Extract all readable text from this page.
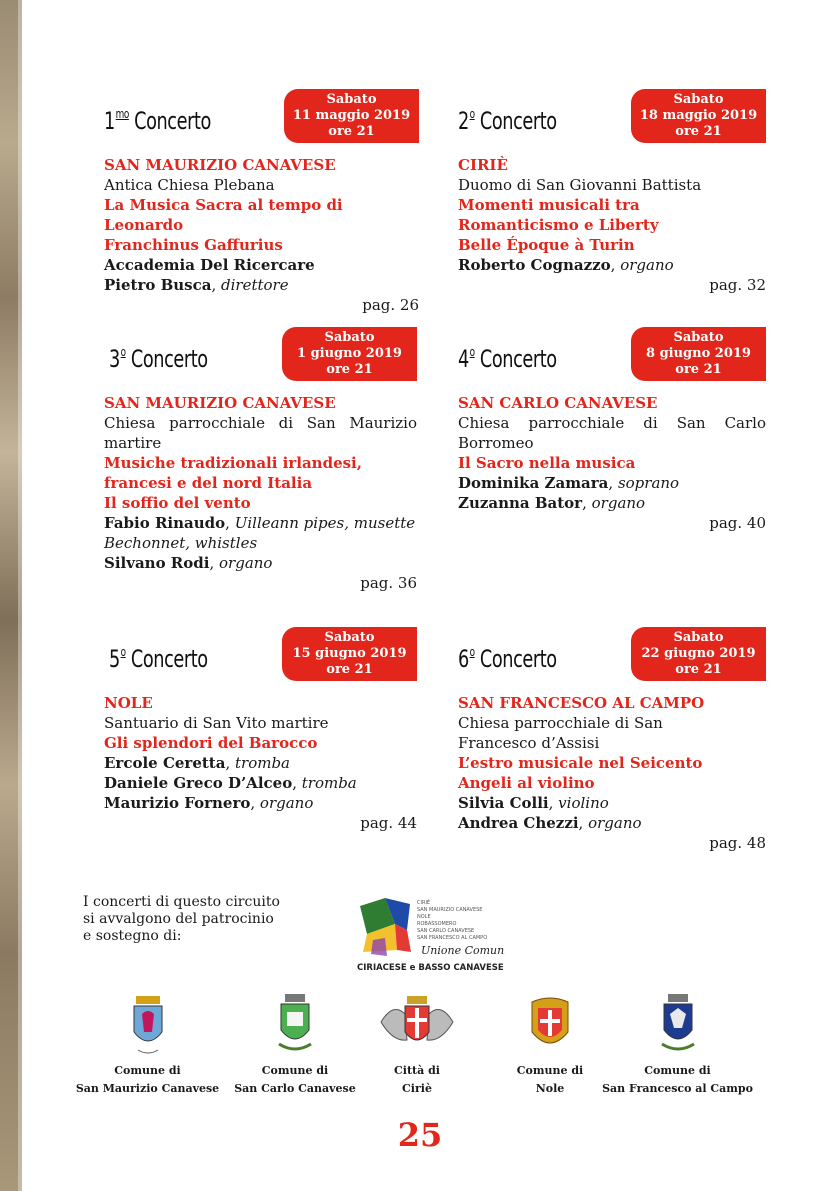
$1^{mo}$ Concerto
Sabato
11 maggio 2019
ore 21
SAN MAURIZIO CANAVESE
Antica Chiesa Plebana
La Musica Sacra al tempo di Leonardo
Franchinus Gaffurius
Accademia Del Ricercare
Pietro Busca, direttore
pag. 26
2$^o$ Concerto
Sabato
18 maggio 2019
ore 21
CIRIÈ
Duomo di San Giovanni Battista
Momenti musicali tra
Romanticismo e Liberty
Belle Époque à Turin
Roberto Cognazzo, organo
pag. 32
3$^o$ Concerto
Sabato
1 giugno 2019
ore 21
SAN MAURIZIO CANAVESE
Chiesa parrocchiale di San Maurizio martire
Musiche tradizionali irlandesi,
francesi e del nord Italia
Il soffio del vento
Fabio Rinaudo, Uilleann pipes, musette Bechonnet, whistles
Silvano Rodi, organo
pag. 36
4$^o$ Concerto
Sabato
8 giugno 2019
ore 21
SAN CARLO CANAVESE
Chiesa parrocchiale di San Carlo Borromeo
Il Sacro nella musica
Dominika Zamara, soprano
Zuzanna Bator, organo
pag. 40
5$^o$ Concerto
Sabato
15 giugno 2019
ore 21
NOLE
Santuario di San Vito martire
Gli splendori del Barocco
Ercole Ceretta, tromba
Daniele Greco D’Alceo, tromba
Maurizio Fornero, organo
pag. 44
6$^o$ Concerto
Sabato
22 giugno 2019
ore 21
SAN FRANCESCO AL CAMPO
Chiesa parrocchiale di San Francesco d’Assisi
L’estro musicale nel Seicento
Angeli al violino
Silvia Colli, violino
Andrea Chezzi, organo
pag. 48
I concerti di questo circuito
si avvalgono del patrocinio
e sostegno di:
CIRIÈ
SAN MAURIZIO CANAVESE
NOLE
ROBASSOMERO
SAN CARLO CANAVESE
SAN FRANCESCO AL CAMPO
Unione Comuni
CIRIACESE e BASSO CANAVESE
Comune di
San Maurizio Canavese
Comune di
San Carlo Canavese
Città di
Ciriè
Comune di
Nole
Comune di
San Francesco al Campo
25
